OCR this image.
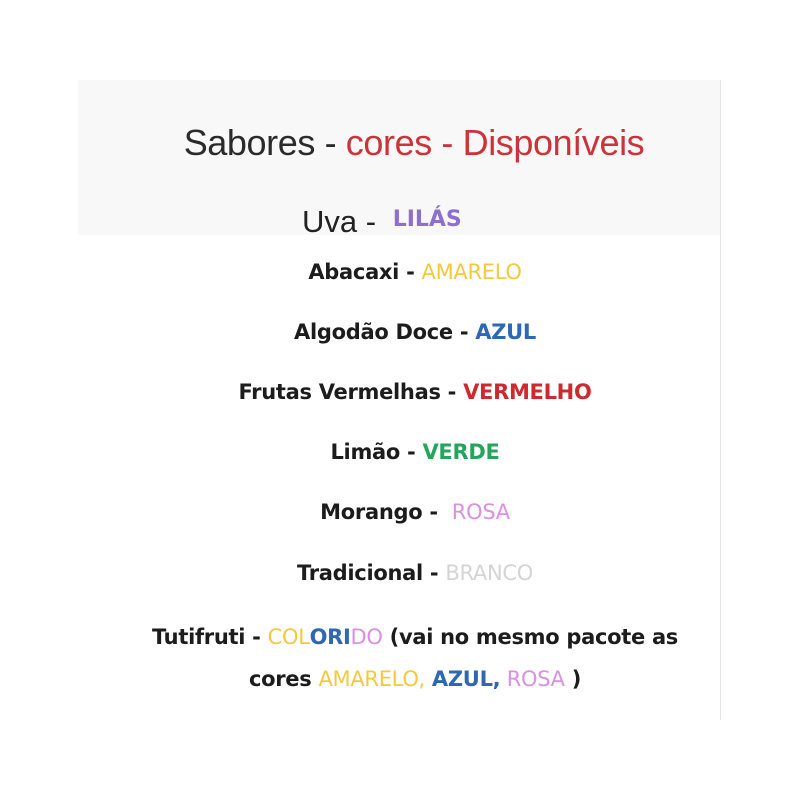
Sabores - cores - Disponíveis
Uva - LILÁS
Abacaxi - AMARELO
Algodão Doce - AZUL
Frutas Vermelhas - VERMELHO
Limão - VERDE
Morango -  ROSA
Tradicional - BRANCO
Tutifruti - COLORIDO (vai no mesmo pacote as
cores AMARELO, AZUL, ROSA )
